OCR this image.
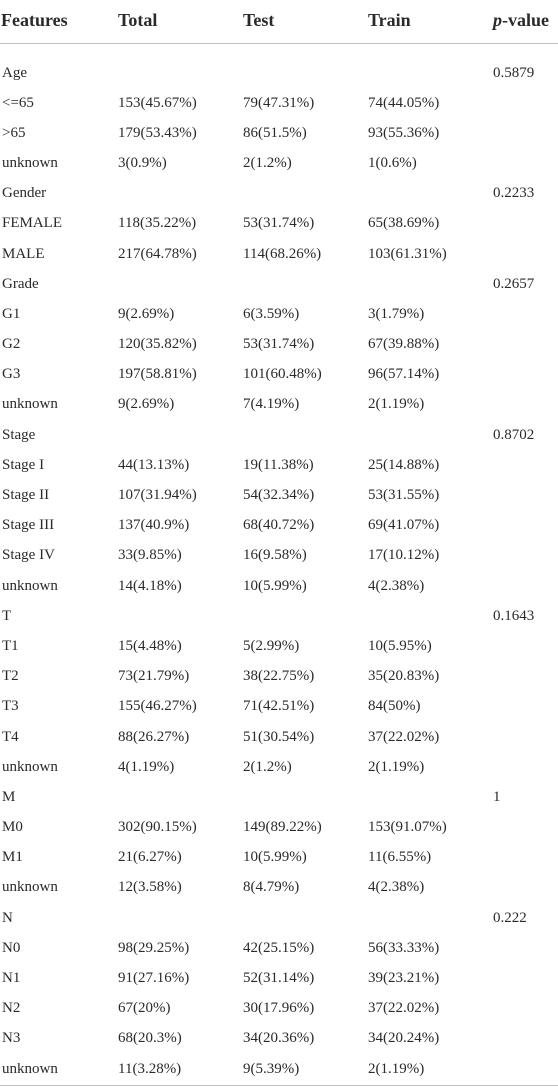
Features	Total	Test	Train	p-value
Age				0.5879
<=65	153(45.67%)	79(47.31%)	74(44.05%)	
>65	179(53.43%)	86(51.5%)	93(55.36%)	
unknown	3(0.9%)	2(1.2%)	1(0.6%)	
Gender				0.2233
FEMALE	118(35.22%)	53(31.74%)	65(38.69%)	
MALE	217(64.78%)	114(68.26%)	103(61.31%)	
Grade				0.2657
G1	9(2.69%)	6(3.59%)	3(1.79%)	
G2	120(35.82%)	53(31.74%)	67(39.88%)	
G3	197(58.81%)	101(60.48%)	96(57.14%)	
unknown	9(2.69%)	7(4.19%)	2(1.19%)	
Stage				0.8702
Stage I	44(13.13%)	19(11.38%)	25(14.88%)	
Stage II	107(31.94%)	54(32.34%)	53(31.55%)	
Stage III	137(40.9%)	68(40.72%)	69(41.07%)	
Stage IV	33(9.85%)	16(9.58%)	17(10.12%)	
unknown	14(4.18%)	10(5.99%)	4(2.38%)	
T				0.1643
T1	15(4.48%)	5(2.99%)	10(5.95%)	
T2	73(21.79%)	38(22.75%)	35(20.83%)	
T3	155(46.27%)	71(42.51%)	84(50%)	
T4	88(26.27%)	51(30.54%)	37(22.02%)	
unknown	4(1.19%)	2(1.2%)	2(1.19%)	
M				1
M0	302(90.15%)	149(89.22%)	153(91.07%)	
M1	21(6.27%)	10(5.99%)	11(6.55%)	
unknown	12(3.58%)	8(4.79%)	4(2.38%)	
N				0.222
N0	98(29.25%)	42(25.15%)	56(33.33%)	
N1	91(27.16%)	52(31.14%)	39(23.21%)	
N2	67(20%)	30(17.96%)	37(22.02%)	
N3	68(20.3%)	34(20.36%)	34(20.24%)	
unknown	11(3.28%)	9(5.39%)	2(1.19%)	
